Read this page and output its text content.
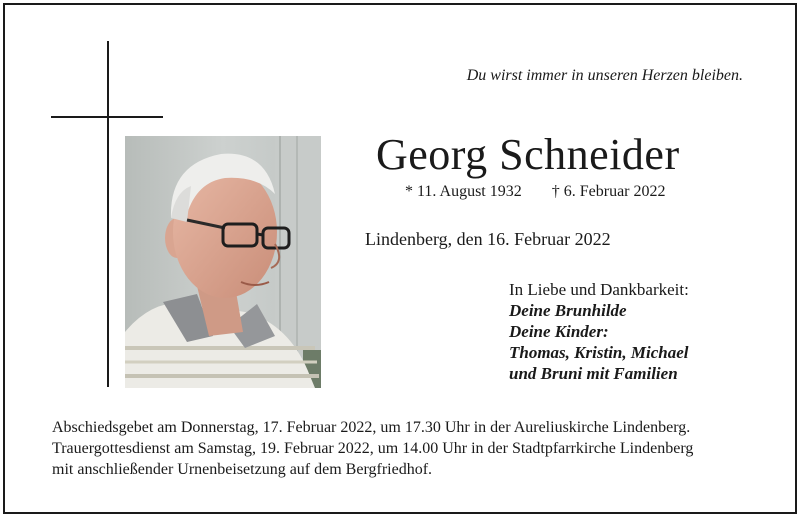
Du wirst immer in unseren Herzen bleiben.
Georg Schneider
* 11. August 1932 † 6. Februar 2022
Lindenberg, den 16. Februar 2022
In Liebe und Dankbarkeit:
Deine Brunhilde
Deine Kinder:
Thomas, Kristin, Michael
und Bruni mit Familien
Abschiedsgebet am Donnerstag, 17. Februar 2022, um 17.30 Uhr in der Aureliuskirche Lindenberg.
Trauergottesdienst am Samstag, 19. Februar 2022, um 14.00 Uhr in der Stadtpfarrkirche Lindenberg
mit anschließender Urnenbeisetzung auf dem Bergfriedhof.
